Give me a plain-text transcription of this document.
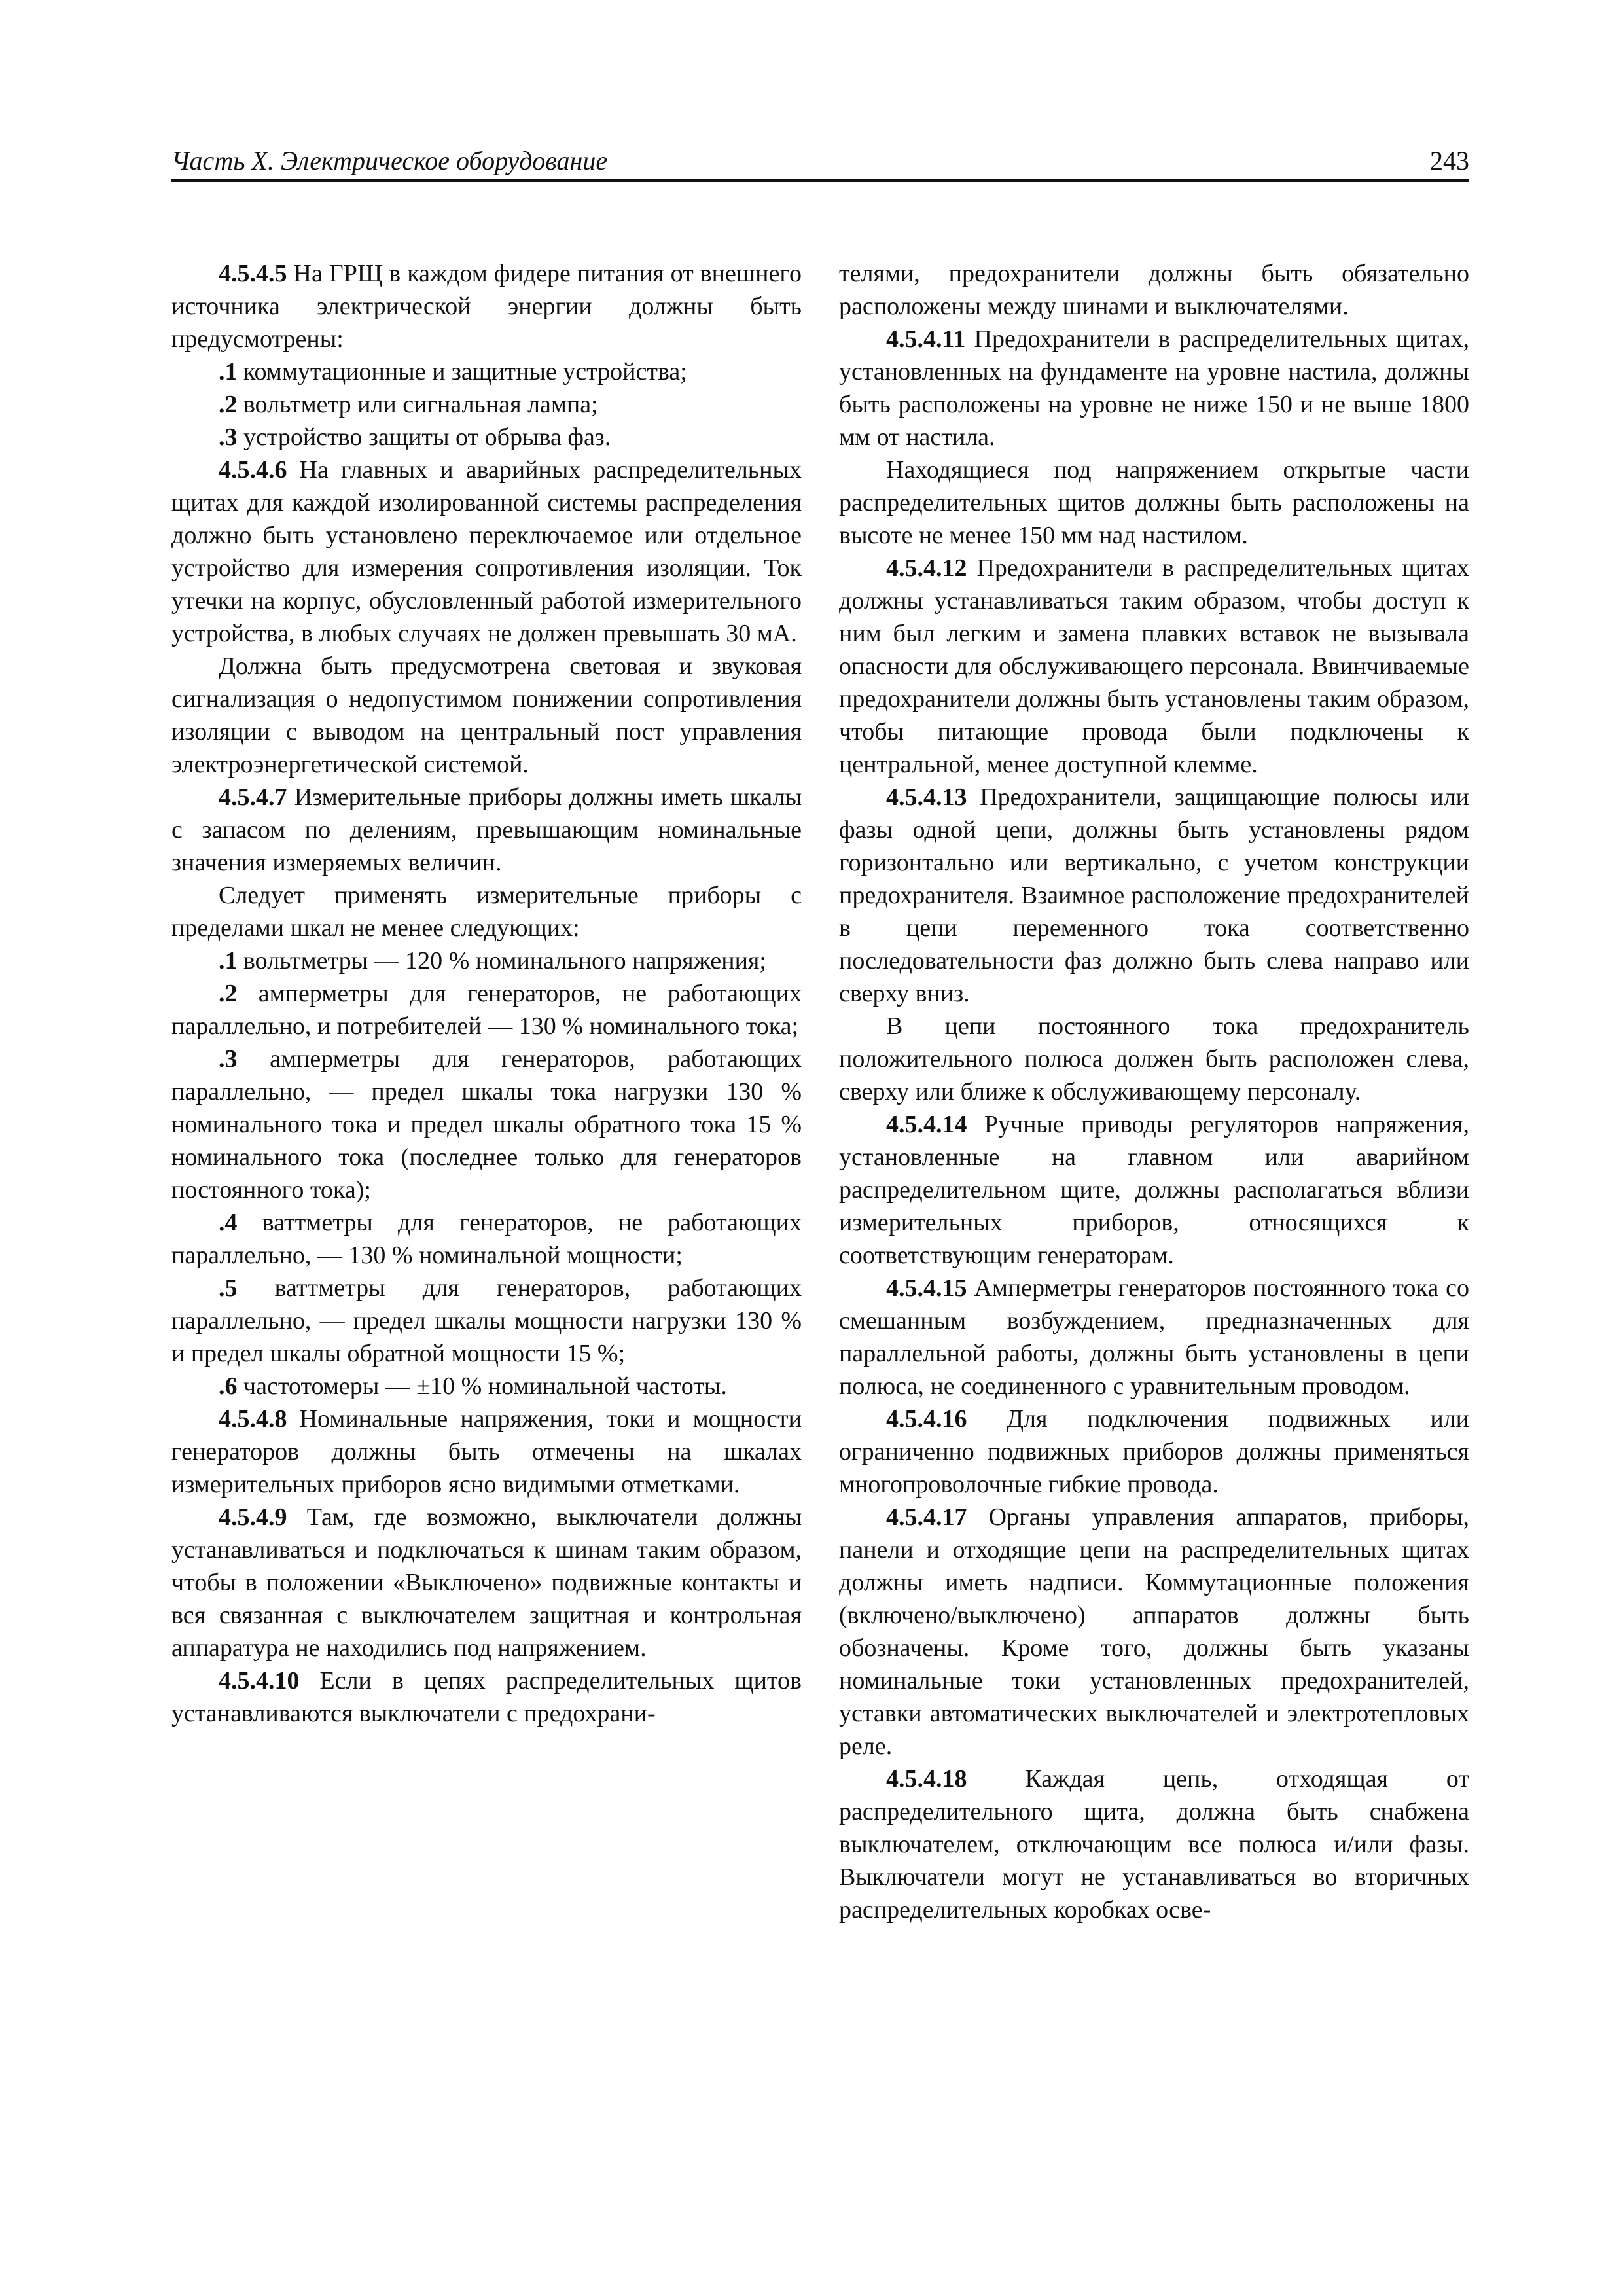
Часть X. Электрическое оборудование	243

4.5.4.5 На ГРЩ в каждом фидере питания от внешнего источника электрической энергии должны быть предусмотрены:

.1 коммутационные и защитные устройства;

.2 вольтметр или сигнальная лампа;

.3 устройство защиты от обрыва фаз.

4.5.4.6 На главных и аварийных распределительных щитах для каждой изолированной системы распределения должно быть установлено переключаемое или отдельное устройство для измерения сопротивления изоляции. Ток утечки на корпус, обусловленный работой измерительного устройства, в любых случаях не должен превышать 30 мА.

Должна быть предусмотрена световая и звуковая сигнализация о недопустимом понижении сопротивления изоляции с выводом на центральный пост управления электроэнергетической системой.

4.5.4.7 Измерительные приборы должны иметь шкалы с запасом по делениям, превышающим номинальные значения измеряемых величин.

Следует применять измерительные приборы с пределами шкал не менее следующих:

.1 вольтметры — 120 % номинального напряжения;

.2 амперметры для генераторов, не работающих параллельно, и потребителей — 130 % номинального тока;

.3 амперметры для генераторов, работающих параллельно, — предел шкалы тока нагрузки 130 % номинального тока и предел шкалы обратного тока 15 % номинального тока (последнее только для генераторов постоянного тока);

.4 ваттметры для генераторов, не работающих параллельно, — 130 % номинальной мощности;

.5 ваттметры для генераторов, работающих параллельно, — предел шкалы мощности нагрузки 130 % и предел шкалы обратной мощности 15 %;

.6 частотомеры — ±10 % номинальной частоты.

4.5.4.8 Номинальные напряжения, токи и мощности генераторов должны быть отмечены на шкалах измерительных приборов ясно видимыми отметками.

4.5.4.9 Там, где возможно, выключатели должны устанавливаться и подключаться к шинам таким образом, чтобы в положении «Выключено» подвижные контакты и вся связанная с выключателем защитная и контрольная аппаратура не находились под напряжением.

4.5.4.10 Если в цепях распределительных щитов устанавливаются выключатели с предохрани-

телями, предохранители должны быть обязательно расположены между шинами и выключателями.

4.5.4.11 Предохранители в распределительных щитах, установленных на фундаменте на уровне настила, должны быть расположены на уровне не ниже 150 и не выше 1800 мм от настила.

Находящиеся под напряжением открытые части распределительных щитов должны быть расположены на высоте не менее 150 мм над настилом.

4.5.4.12 Предохранители в распределительных щитах должны устанавливаться таким образом, чтобы доступ к ним был легким и замена плавких вставок не вызывала опасности для обслуживающего персонала. Ввинчиваемые предохранители должны быть установлены таким образом, чтобы питающие провода были подключены к центральной, менее доступной клемме.

4.5.4.13 Предохранители, защищающие полюсы или фазы одной цепи, должны быть установлены рядом горизонтально или вертикально, с учетом конструкции предохранителя. Взаимное расположение предохранителей в цепи переменного тока соответственно последовательности фаз должно быть слева направо или сверху вниз.

В цепи постоянного тока предохранитель положительного полюса должен быть расположен слева, сверху или ближе к обслуживающему персоналу.

4.5.4.14 Ручные приводы регуляторов напряжения, установленные на главном или аварийном распределительном щите, должны располагаться вблизи измерительных приборов, относящихся к соответствующим генераторам.

4.5.4.15 Амперметры генераторов постоянного тока со смешанным возбуждением, предназначенных для параллельной работы, должны быть установлены в цепи полюса, не соединенного с уравнительным проводом.

4.5.4.16 Для подключения подвижных или ограниченно подвижных приборов должны применяться многопроволочные гибкие провода.

4.5.4.17 Органы управления аппаратов, приборы, панели и отходящие цепи на распределительных щитах должны иметь надписи. Коммутационные положения (включено/выключено) аппаратов должны быть обозначены. Кроме того, должны быть указаны номинальные токи установленных предохранителей, уставки автоматических выключателей и электротепловых реле.

4.5.4.18 Каждая цепь, отходящая от распределительного щита, должна быть снабжена выключателем, отключающим все полюса и/или фазы. Выключатели могут не устанавливаться во вторичных распределительных коробках осве-
